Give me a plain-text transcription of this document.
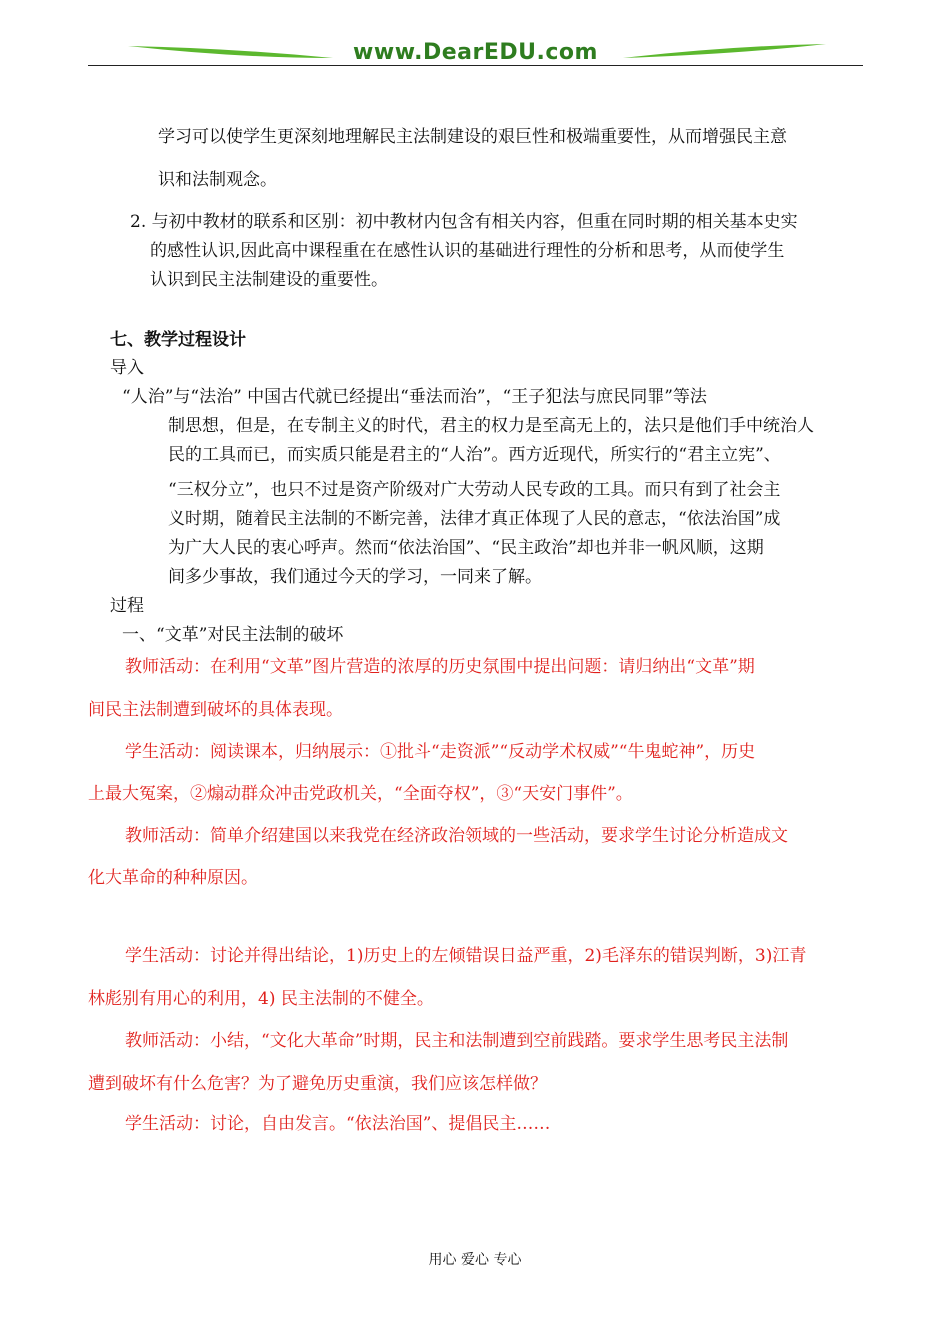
www.DearEDU.com
学习可以使学生更深刻地理解民主法制建设的艰巨性和极端重要性，从而增强民主意
识和法制观念。
2. 与初中教材的联系和区别：初中教材内包含有相关内容，但重在同时期的相关基本史实
的感性认识,因此高中课程重在在感性认识的基础进行理性的分析和思考，从而使学生
认识到民主法制建设的重要性。
七、教学过程设计
导入
“人治”与“法治” 中国古代就已经提出“垂法而治”，“王子犯法与庶民同罪”等法
制思想，但是，在专制主义的时代，君主的权力是至高无上的，法只是他们手中统治人
民的工具而已，而实质只能是君主的“人治”。西方近现代，所实行的“君主立宪”、
“三权分立”，也只不过是资产阶级对广大劳动人民专政的工具。而只有到了社会主
义时期，随着民主法制的不断完善，法律才真正体现了人民的意志，“依法治国”成
为广大人民的衷心呼声。然而“依法治国”、“民主政治”却也并非一帆风顺，这期
间多少事故，我们通过今天的学习，一同来了解。
过程
一、“文革”对民主法制的破坏
教师活动：在利用“文革”图片营造的浓厚的历史氛围中提出问题：请归纳出“文革”期
间民主法制遭到破坏的具体表现。
学生活动：阅读课本，归纳展示：①批斗“走资派”“反动学术权威”“牛鬼蛇神”，历史
上最大冤案，②煽动群众冲击党政机关，“全面夺权”，③“天安门事件”。
教师活动：简单介绍建国以来我党在经济政治领域的一些活动，要求学生讨论分析造成文
化大革命的种种原因。
学生活动：讨论并得出结论，1)历史上的左倾错误日益严重，2)毛泽东的错误判断，3)江青
林彪别有用心的利用，4) 民主法制的不健全。
教师活动：小结，“文化大革命”时期，民主和法制遭到空前践踏。要求学生思考民主法制
遭到破坏有什么危害？为了避免历史重演，我们应该怎样做？
学生活动：讨论，自由发言。“依法治国”、提倡民主……
用心 爱心 专心
